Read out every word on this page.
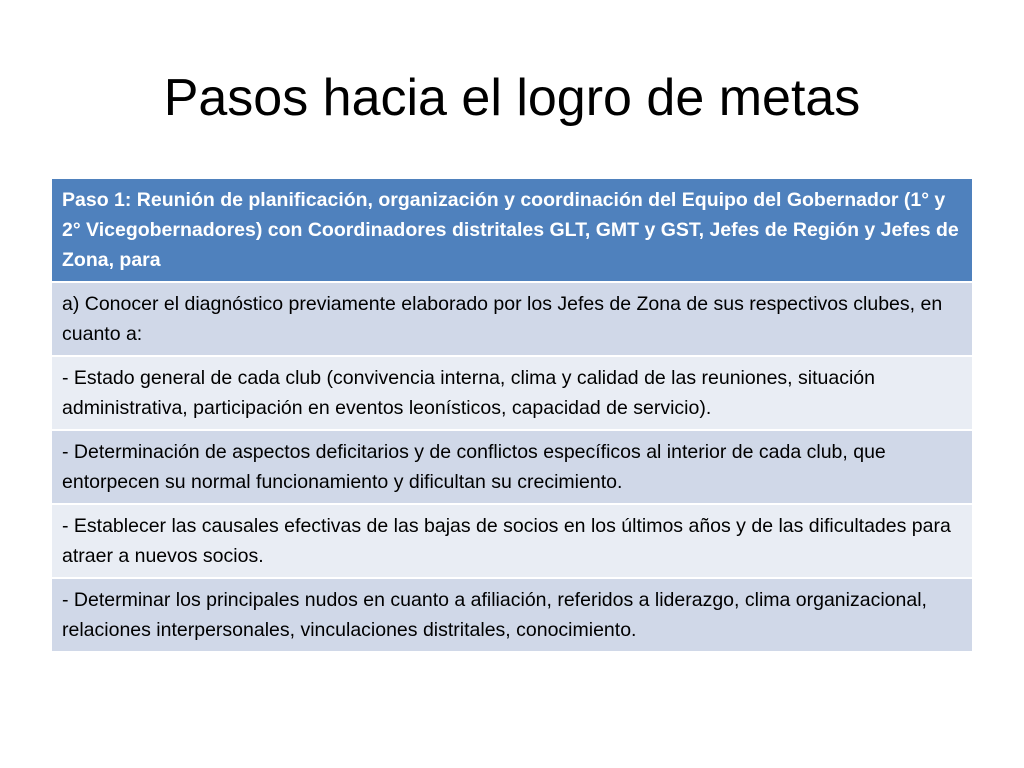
Pasos hacia el logro de metas
Paso 1: Reunión de planificación, organización y coordinación del Equipo del Gobernador (1° y 2° Vicegobernadores) con Coordinadores distritales GLT, GMT y GST, Jefes de Región y Jefes de Zona, para
a) Conocer el diagnóstico previamente elaborado por los Jefes de Zona de sus respectivos clubes, en cuanto a:
- Estado general de cada club (convivencia interna, clima y calidad de las reuniones, situación administrativa, participación en eventos leonísticos, capacidad de servicio).
- Determinación de aspectos deficitarios y de conflictos específicos al interior de cada club, que entorpecen su normal funcionamiento y dificultan su crecimiento.
- Establecer las causales efectivas de las bajas de socios en los últimos años y de las dificultades para atraer a nuevos socios.
- Determinar los principales nudos en cuanto a afiliación, referidos a liderazgo, clima organizacional, relaciones interpersonales, vinculaciones distritales, conocimiento.
